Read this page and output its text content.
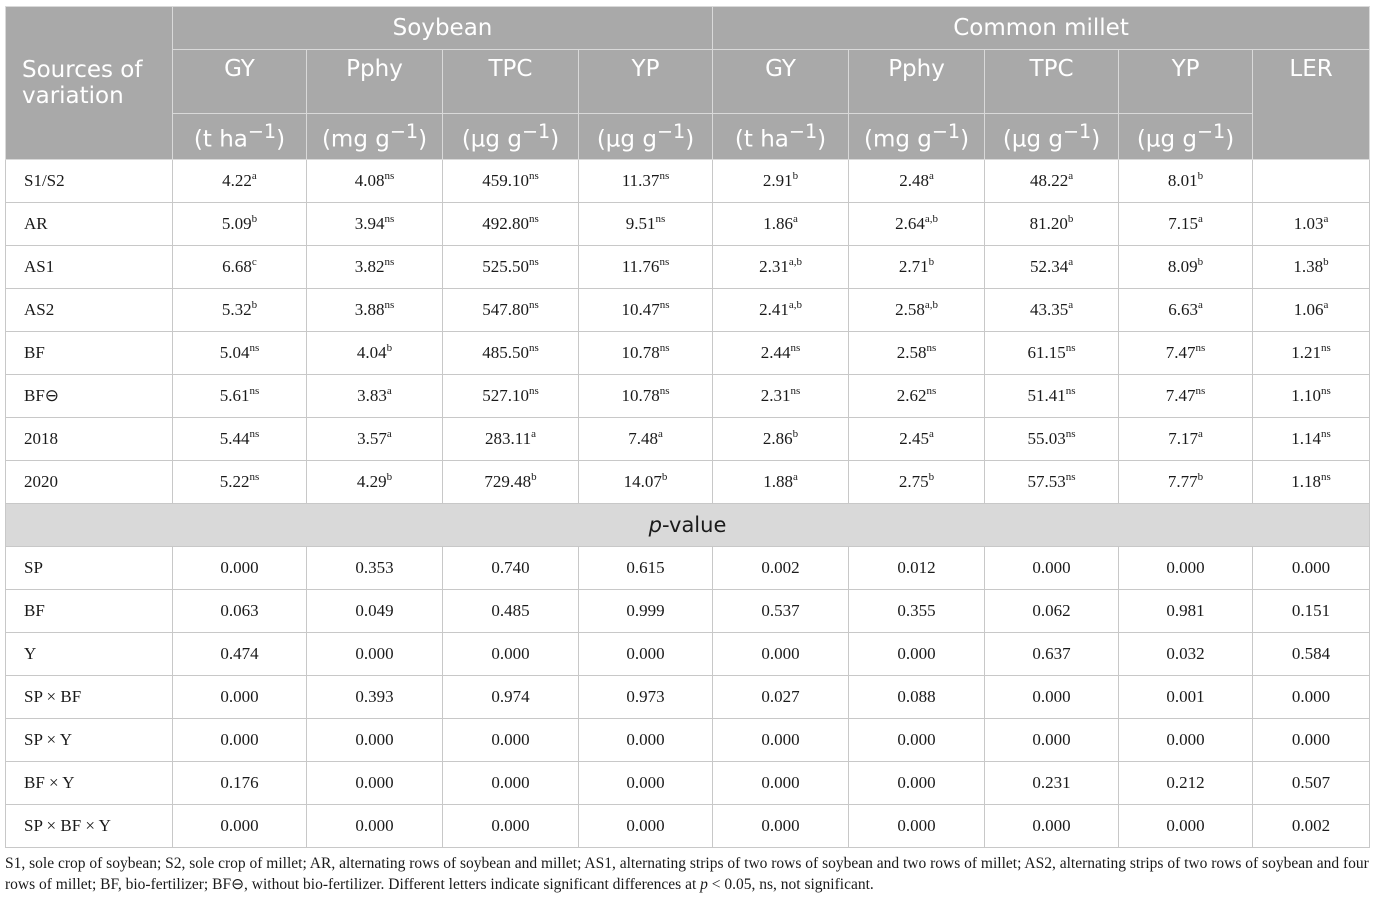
Sources of variation	Soybean				Common millet				
	GY	Pphy	TPC	YP	GY	Pphy	TPC	YP	LER
	(t $ha^{-1}$)	(mg $g^{-1}$)	(µg $g^{-1}$)	(µg $g^{-1}$)	(t $ha^{-1}$)	(mg $g^{-1}$)	(µg $g^{-1}$)	(µg $g^{-1}$)	
S1/S2	4.22$^a$	$4.08^{ns}$	$459.10^{ns}$	$11.37^{ns}$	2.91$^b$	2.48$^a$	48.22$^a$	8.01$^b$	
AR	5.09$^b$	$3.94^{ns}$	$492.80^{ns}$	$9.51^{ns}$	1.86$^a$	2.64$^{a,b}$	81.20$^b$	7.15$^a$	1.03$^a$
AS1	6.68$^c$	$3.82^{ns}$	$525.50^{ns}$	$11.76^{ns}$	2.31$^{a,b}$	2.71$^b$	52.34$^a$	8.09$^b$	1.38$^b$
AS2	5.32$^b$	$3.88^{ns}$	$547.80^{ns}$	$10.47^{ns}$	2.41$^{a,b}$	2.58$^{a,b}$	43.35$^a$	6.63$^a$	1.06$^a$
BF	$5.04^{ns}$	4.04$^b$	$485.50^{ns}$	$10.78^{ns}$	$2.44^{ns}$	$2.58^{ns}$	$61.15^{ns}$	$7.47^{ns}$	$1.21^{ns}$
BF⊖	$5.61^{ns}$	3.83$^a$	$527.10^{ns}$	$10.78^{ns}$	$2.31^{ns}$	$2.62^{ns}$	$51.41^{ns}$	$7.47^{ns}$	$1.10^{ns}$
2018	$5.44^{ns}$	3.57$^a$	283.11$^a$	7.48$^a$	2.86$^b$	2.45$^a$	$55.03^{ns}$	7.17$^a$	$1.14^{ns}$
2020	$5.22^{ns}$	4.29$^b$	729.48$^b$	14.07$^b$	1.88$^a$	2.75$^b$	$57.53^{ns}$	7.77$^b$	$1.18^{ns}$
p-value									
SP	0.000	0.353	0.740	0.615	0.002	0.012	0.000	0.000	0.000
BF	0.063	0.049	0.485	0.999	0.537	0.355	0.062	0.981	0.151
Y	0.474	0.000	0.000	0.000	0.000	0.000	0.637	0.032	0.584
SP × BF	0.000	0.393	0.974	0.973	0.027	0.088	0.000	0.001	0.000
SP × Y	0.000	0.000	0.000	0.000	0.000	0.000	0.000	0.000	0.000
BF × Y	0.176	0.000	0.000	0.000	0.000	0.000	0.231	0.212	0.507
SP × BF × Y	0.000	0.000	0.000	0.000	0.000	0.000	0.000	0.000	0.002
S1, sole crop of soybean; S2, sole crop of millet; AR, alternating rows of soybean and millet; AS1, alternating strips of two rows of soybean and two rows of millet; AS2, alternating strips of two rows of soybean and four rows of millet; BF, bio-fertilizer; BF⊖, without bio-fertilizer. Different letters indicate significant differences at p < 0.05, ns, not significant.
